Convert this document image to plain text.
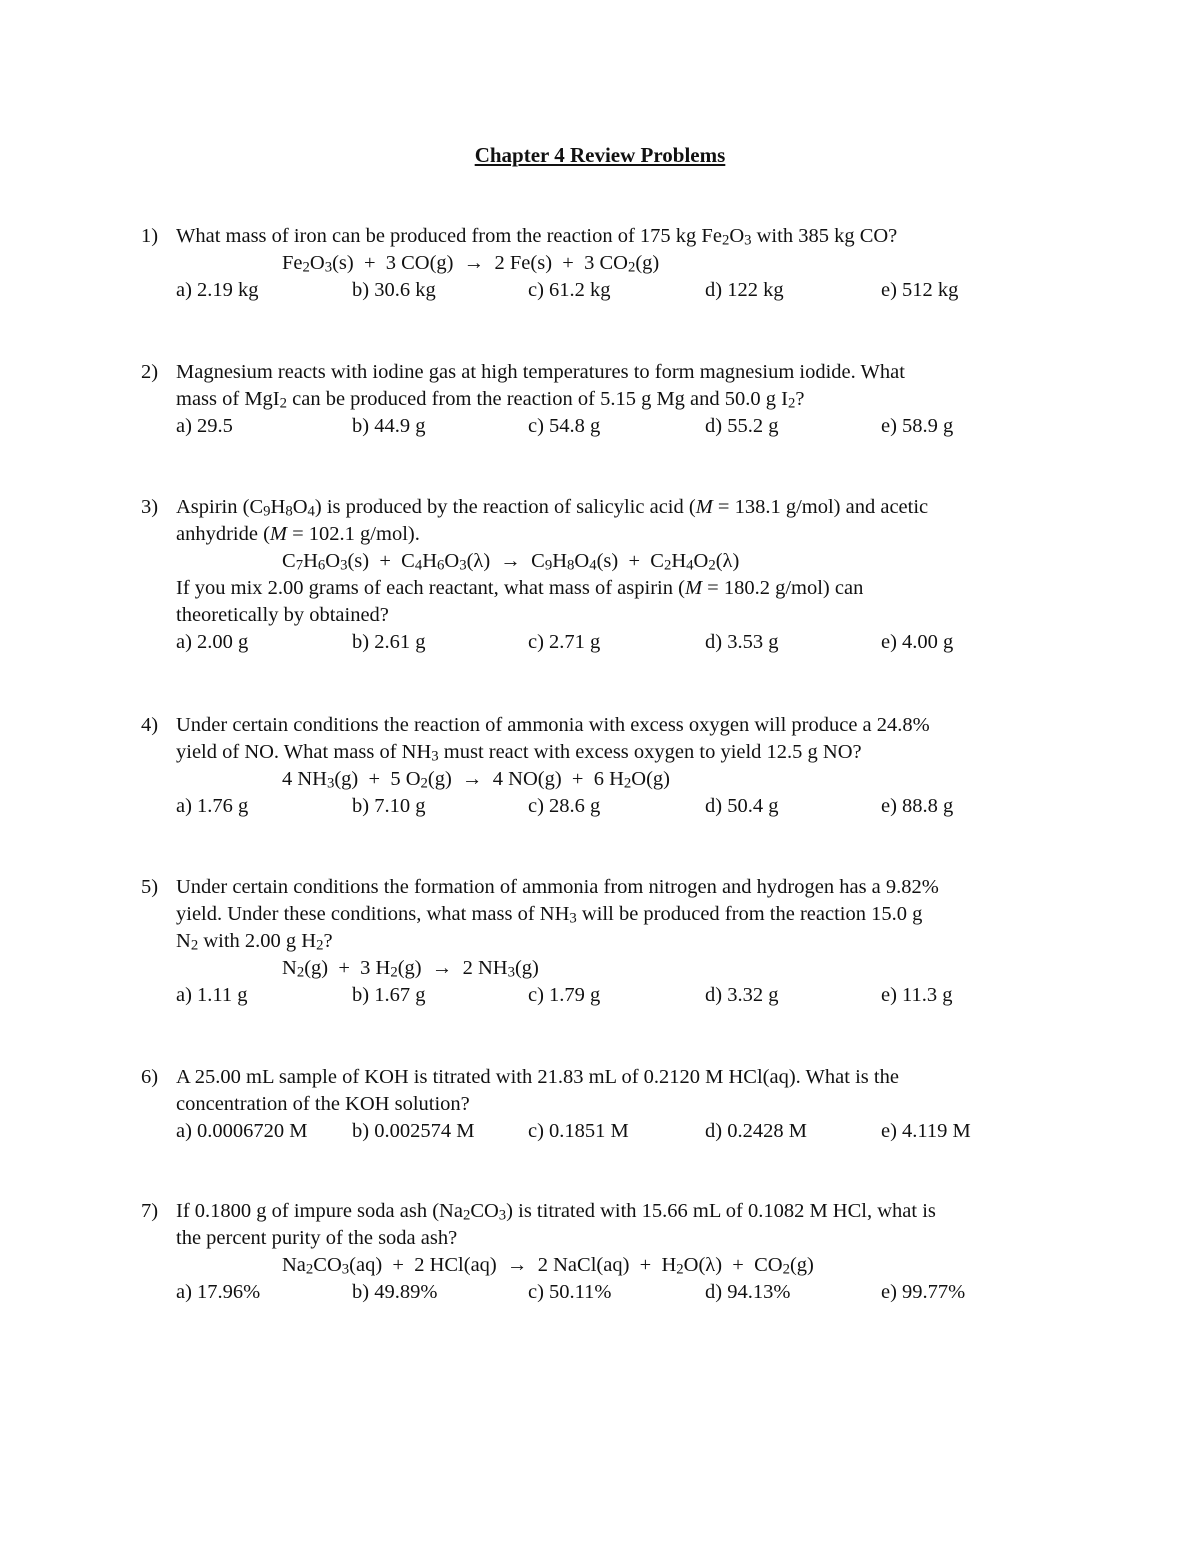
Chapter 4 Review Problems
1) What mass of iron can be produced from the reaction of 175 kg $Fe_2O_3$ with 385 kg CO?
$Fe_2O_3(s) + 3$ CO(g)  →  2 Fe(s)  +  3 $CO_2(g)$
a) 2.19 kg	b) 30.6 kg	c) 61.2 kg	d) 122 kg	e) 512 kg
2) Magnesium reacts with iodine gas at high temperatures to form magnesium iodide. What
mass of MgI$_2$ can be produced from the reaction of 5.15 g Mg and 50.0 g $I_2$?
a) 29.5	b) 44.9 g	c) 54.8 g	d) 55.2 g	e) 58.9 g
3) Aspirin $(C_9H_8O_4)$ is produced by the reaction of salicylic acid (M = 138.1 g/mol) and acetic
anhydride (M = 102.1 g/mol).
$C_7H_6O_3(s) + C_4H_6O_3(\lambda) \to C_9H_8O_4(s) + C_2H_4O_2(\lambda)$
If you mix 2.00 grams of each reactant, what mass of aspirin (M = 180.2 g/mol) can
theoretically by obtained?
a) 2.00 g	b) 2.61 g	c) 2.71 g	d) 3.53 g	e) 4.00 g
4) Under certain conditions the reaction of ammonia with excess oxygen will produce a 24.8%
yield of NO. What mass of $NH_3$ must react with excess oxygen to yield 12.5 g NO?
4 $NH_3(g) + 5$ $O_2(g) \to 4$ NO(g)  +  6 $H_2O(g)$
a) 1.76 g	b) 7.10 g	c) 28.6 g	d) 50.4 g	e) 88.8 g
5) Under certain conditions the formation of ammonia from nitrogen and hydrogen has a 9.82%
yield. Under these conditions, what mass of $NH_3$ will be produced from the reaction 15.0 g
$N_2$ with 2.00 g $H_2$?
$N_2(g) + 3$ $H_2(g) \to 2$ $NH_3(g)$
a) 1.11 g	b) 1.67 g	c) 1.79 g	d) 3.32 g	e) 11.3 g
6) A 25.00 mL sample of KOH is titrated with 21.83 mL of 0.2120 M HCl(aq). What is the
concentration of the KOH solution?
a) 0.0006720 M b) 0.002574 M	c) 0.1851 M	d) 0.2428 M	e) 4.119 M
7) If 0.1800 g of impure soda ash $(Na_2CO_3)$ is titrated with 15.66 mL of 0.1082 M HCl, what is
the percent purity of the soda ash?
$Na_2CO_3(aq) + 2$ HCl(aq)  →  2 NaCl(aq)  +  $H_2O(\lambda) + CO_2(g)$
a) 17.96%	b) 49.89%	c) 50.11%	d) 94.13%	e) 99.77%
